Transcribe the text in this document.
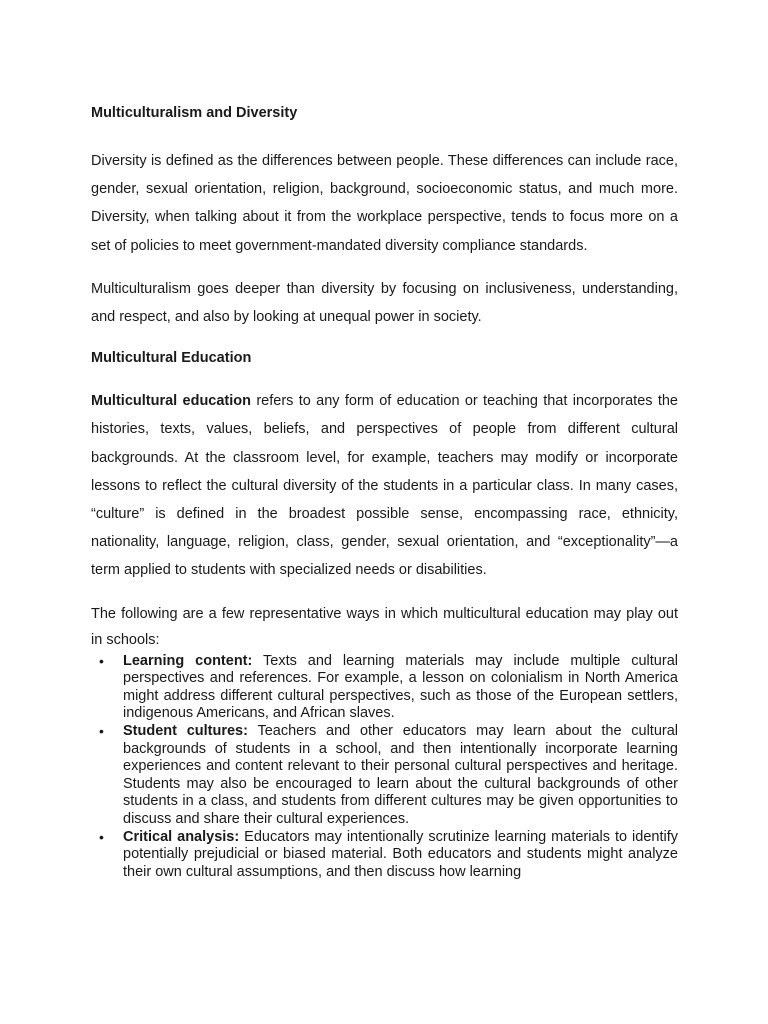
Multiculturalism and Diversity

Diversity is defined as the differences between people. These differences can include race, gender, sexual orientation, religion, background, socioeconomic status, and much more. Diversity, when talking about it from the workplace perspective, tends to focus more on a set of policies to meet government-mandated diversity compliance standards.

Multiculturalism goes deeper than diversity by focusing on inclusiveness, understanding, and respect, and also by looking at unequal power in society.

Multicultural Education

Multicultural education refers to any form of education or teaching that incorporates the histories, texts, values, beliefs, and perspectives of people from different cultural backgrounds. At the classroom level, for example, teachers may modify or incorporate lessons to reflect the cultural diversity of the students in a particular class. In many cases, “culture” is defined in the broadest possible sense, encompassing race, ethnicity, nationality, language, religion, class, gender, sexual orientation, and “exceptionality”—a term applied to students with specialized needs or disabilities.

The following are a few representative ways in which multicultural education may play out in schools:

• Learning content: Texts and learning materials may include multiple cultural perspectives and references. For example, a lesson on colonialism in North America might address different cultural perspectives, such as those of the European settlers, indigenous Americans, and African slaves.
• Student cultures: Teachers and other educators may learn about the cultural backgrounds of students in a school, and then intentionally incorporate learning experiences and content relevant to their personal cultural perspectives and heritage. Students may also be encouraged to learn about the cultural backgrounds of other students in a class, and students from different cultures may be given opportunities to discuss and share their cultural experiences.
• Critical analysis: Educators may intentionally scrutinize learning materials to identify potentially prejudicial or biased material. Both educators and students might analyze their own cultural assumptions, and then discuss how learning
